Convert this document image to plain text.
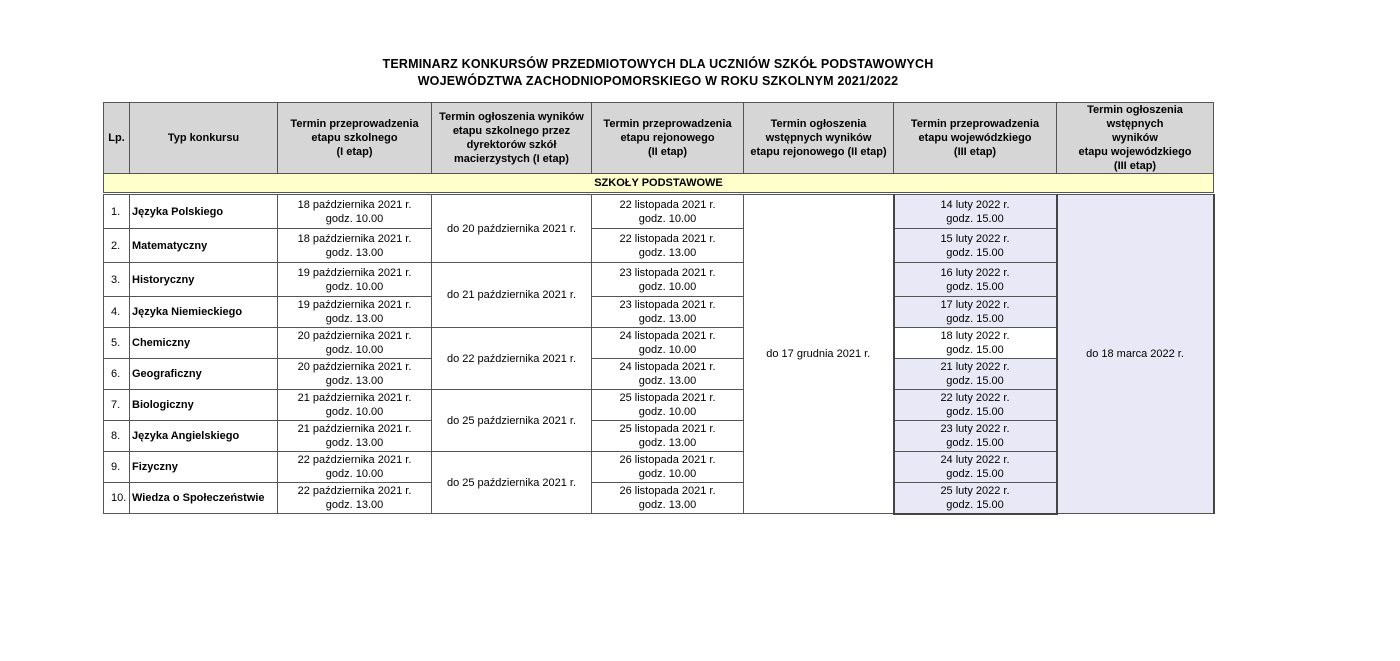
TERMINARZ KONKURSÓW PRZEDMIOTOWYCH DLA UCZNIÓW SZKÓŁ PODSTAWOWYCH
WOJEWÓDZTWA ZACHODNIOPOMORSKIEGO W ROKU SZKOLNYM 2021/2022
Lp.	Typ konkursu	Termin przeprowadzenia
etapu szkolnego
(I etap)	Termin ogłoszenia wyników
etapu szkolnego przez
dyrektorów szkół
macierzystych (I etap)	Termin przeprowadzenia
etapu rejonowego
(II etap)	Termin ogłoszenia
wstępnych wyników
etapu rejonowego (II etap)	Termin przeprowadzenia
etapu wojewódzkiego
(III etap)	Termin ogłoszenia wstępnych
wyników
etapu wojewódzkiego
(III etap)

SZKOŁY PODSTAWOWE							

1.	Języka Polskiego	18 października 2021 r.
godz. 10.00	do 20 października 2021 r.	22 listopada 2021 r.
godz. 10.00	do 17 grudnia 2021 r.	14 luty 2022 r.
godz. 15.00	do 18 marca 2022 r.
2.	Matematyczny	18 października 2021 r.
godz. 13.00		22 listopada 2021 r.
godz. 13.00		15 luty 2022 r.
godz. 15.00	

3.	Historyczny	19 października 2021 r.
godz. 10.00	do 21 października 2021 r.	23 listopada 2021 r.
godz. 10.00		16 luty 2022 r.
godz. 15.00	

4.	Języka Niemieckiego	19 października 2021 r.
godz. 13.00		23 listopada 2021 r.
godz. 13.00		17 luty 2022 r.
godz. 15.00	

5.	Chemiczny	20 października 2021 r.
godz. 10.00	do 22 października 2021 r.	24 listopada 2021 r.
godz. 10.00		18 luty 2022 r.
godz. 15.00	

6.	Geograficzny	20 października 2021 r.
godz. 13.00		24 listopada 2021 r.
godz. 13.00		21 luty 2022 r.
godz. 15.00	

7.	Biologiczny	21 października 2021 r.
godz. 10.00	do 25 października 2021 r.	25 listopada 2021 r.
godz. 10.00		22 luty 2022 r.
godz. 15.00	

8.	Języka Angielskiego	21 października 2021 r.
godz. 13.00		25 listopada 2021 r.
godz. 13.00		23 luty 2022 r.
godz. 15.00	

9.	Fizyczny	22 października 2021 r.
godz. 10.00	do 25 października 2021 r.	26 listopada 2021 r.
godz. 10.00		24 luty 2022 r.
godz. 15.00	

10.	Wiedza o Społeczeństwie	22 października 2021 r.
godz. 13.00		26 listopada 2021 r.
godz. 13.00		25 luty 2022 r.
godz. 15.00	
